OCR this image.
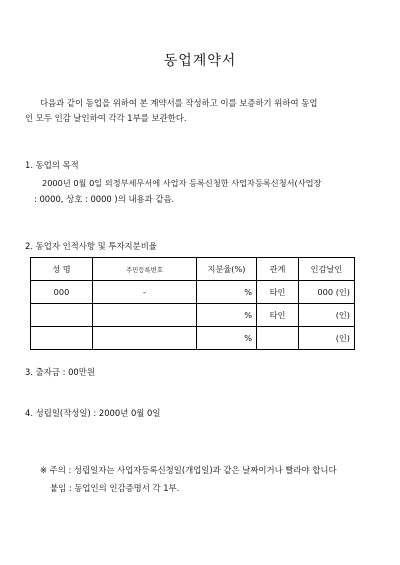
동업계약서
다음과 같이 동업을 위하여 본 계약서를 작성하고 이를 보증하기 위하여 동업
인 모두 인감 날인하여 각각 1부를 보관한다.
1. 동업의 목적
2000년 0월 0일 의정부세무서에 사업자 등록신청한 사업자등록신청서(사업장
: 0000, 상호 : 0000 )의 내용과 같음.
2. 동업자 인적사항 및 투자지분비율
성 명	주민등록번호	지분율(%)	관계	인감날인
000	-	%	타인	000 (인)
		%	타인	(인)
		%		(인)
3. 출자금 : 00만원
4. 성립일(작성일) : 2000년 0월 0일
※ 주의 : 성립일자는 사업자등록신청일(개업일)과 같은 날짜이거나 빨라야 합니다
붙임 : 동업인의 인감증명서 각 1부.
